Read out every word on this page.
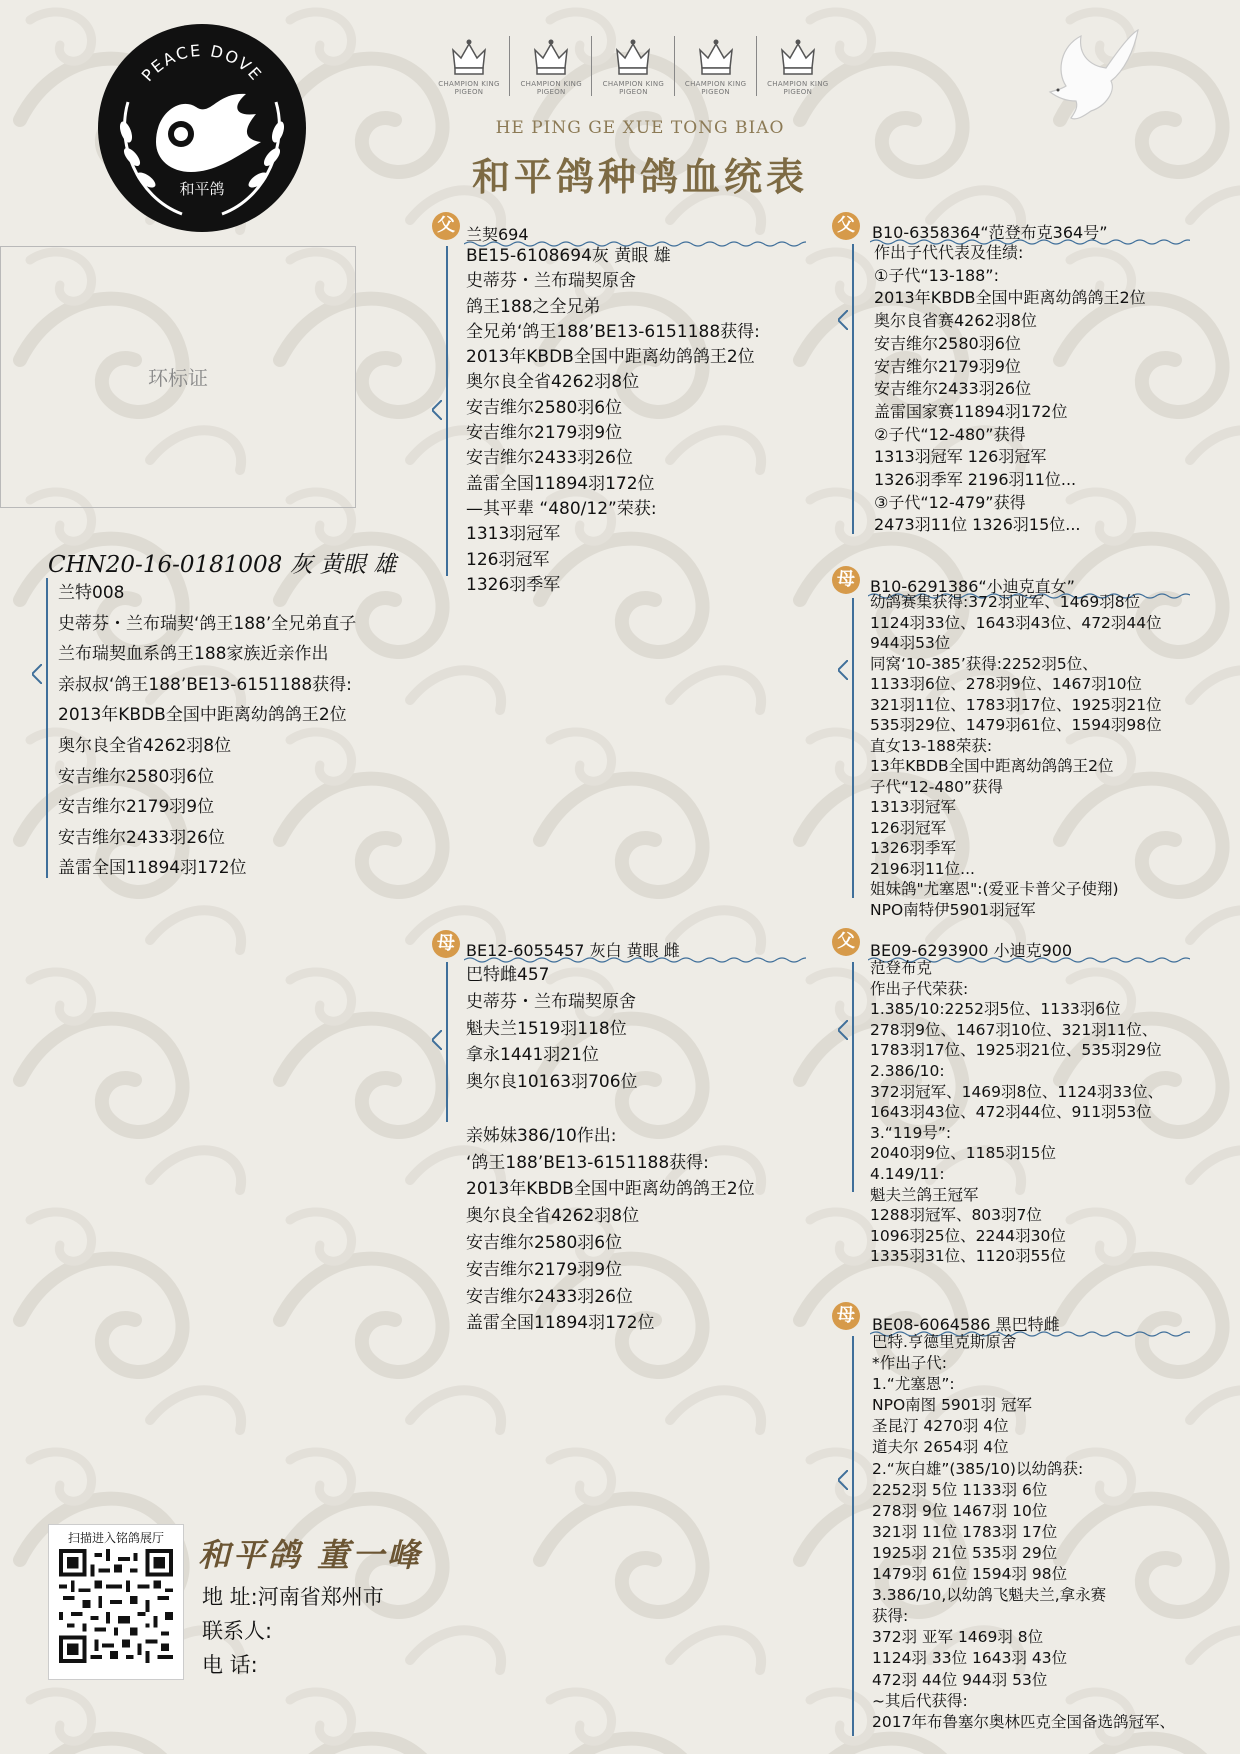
PEACE DOVE
和平鸽
CHAMPION KING PIGEON
CHAMPION KING PIGEON
CHAMPION KING PIGEON
CHAMPION KING PIGEON
CHAMPION KING PIGEON
HE PING GE XUE TONG BIAO
和平鸽种鸽血统表
环标证
CHN20-16-0181008 灰 黄眼 雄
兰特008
史蒂芬・兰布瑞契‘鸽王188’全兄弟直子
兰布瑞契血系鸽王188家族近亲作出
亲叔叔‘鸽王188’BE13-6151188获得:
2013年KBDB全国中距离幼鸽鸽王2位
奥尔良全省4262羽8位
安吉维尔2580羽6位
安吉维尔2179羽9位
安吉维尔2433羽26位
盖雷全国11894羽172位
父 兰契694
BE15-6108694灰 黄眼 雄
史蒂芬・兰布瑞契原舍
鸽王188之全兄弟
全兄弟‘鸽王188’BE13-6151188获得:
2013年KBDB全国中距离幼鸽鸽王2位
奥尔良全省4262羽8位
安吉维尔2580羽6位
安吉维尔2179羽9位
安吉维尔2433羽26位
盖雷全国11894羽172位
—其平辈 “480/12”荣获:
1313羽冠军
126羽冠军
1326羽季军
母 BE12-6055457 灰白 黄眼 雌
巴特雌457
史蒂芬・兰布瑞契原舍
魁夫兰1519羽118位
拿永1441羽21位
奥尔良10163羽706位
亲姊妹386/10作出:
‘鸽王188’BE13-6151188获得:
2013年KBDB全国中距离幼鸽鸽王2位
奥尔良全省4262羽8位
安吉维尔2580羽6位
安吉维尔2179羽9位
安吉维尔2433羽26位
盖雷全国11894羽172位
父	B10-6358364“范登布克364号”
作出子代代表及佳绩:
①子代“13-188”:
2013年KBDB全国中距离幼鸽鸽王2位
奥尔良省赛4262羽8位
安吉维尔2580羽6位
安吉维尔2179羽9位
安吉维尔2433羽26位
盖雷国家赛11894羽172位
②子代“12-480”获得
1313羽冠军 126羽冠军
1326羽季军 2196羽11位...
③子代“12-479”获得
2473羽11位 1326羽15位...
母 B10-6291386“小迪克直女”
幼鸽赛集获得:372羽亚军、1469羽8位
1124羽33位、1643羽43位、472羽44位
944羽53位
同窝‘10-385’获得:2252羽5位、
1133羽6位、278羽9位、1467羽10位
321羽11位、1783羽17位、1925羽21位
535羽29位、1479羽61位、1594羽98位
直女13-188荣获:
13年KBDB全国中距离幼鸽鸽王2位
子代“12-480”获得
1313羽冠军
126羽冠军
1326羽季军
2196羽11位...
姐妹鸽"尤塞恩":(爱亚卡普父子使翔)
NPO南特伊5901羽冠军
父 BE09-6293900 小迪克900
范登布克
作出子代荣获:
1.385/10:2252羽5位、1133羽6位
278羽9位、1467羽10位、321羽11位、
1783羽17位、1925羽21位、535羽29位
2.386/10:
372羽冠军、1469羽8位、1124羽33位、
1643羽43位、472羽44位、911羽53位
3.“119号”:
2040羽9位、1185羽15位
4.149/11:
魁夫兰鸽王冠军
1288羽冠军、803羽7位
1096羽25位、2244羽30位
1335羽31位、1120羽55位
母	BE08-6064586 黑巴特雌
巴特.亨德里克斯原舍
*作出子代:
1.“尤塞恩”:
NPO南图 5901羽 冠军
圣昆汀 4270羽 4位
道夫尔 2654羽 4位
2.“灰白雄”(385/10)以幼鸽获:
2252羽 5位 1133羽 6位
278羽 9位 1467羽 10位
321羽 11位 1783羽 17位
1925羽 21位 535羽 29位
1479羽 61位 1594羽 98位
3.386/10,以幼鸽飞魁夫兰,拿永赛
获得:
372羽 亚军 1469羽 8位
1124羽 33位 1643羽 43位
472羽 44位 944羽 53位
~其后代获得:
2017年布鲁塞尔奥林匹克全国备选鸽冠军、
扫描进入铭鸽展厅	和平鸽 董一峰
地 址:河南省郑州市
联系人:
电 话:
